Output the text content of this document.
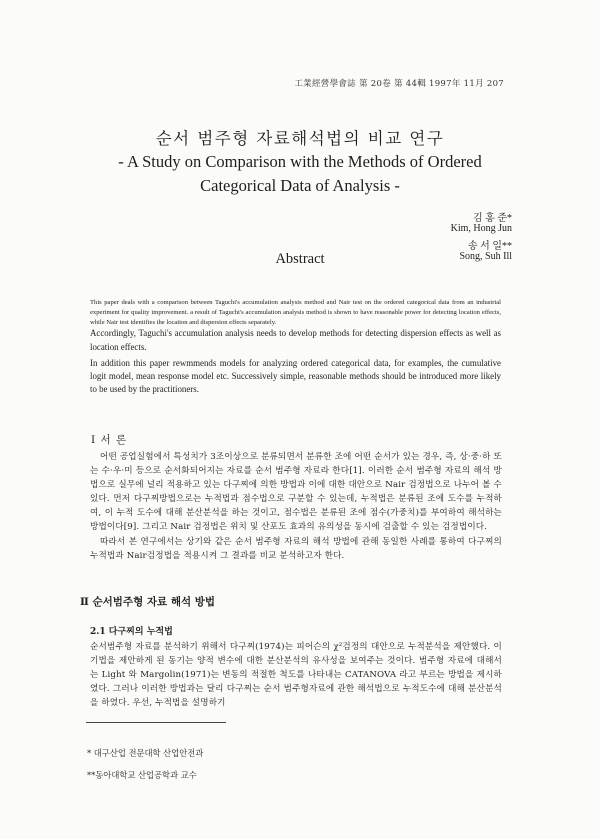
工業經營學會誌 第 20卷 第 44輯 1997年 11月 207
순서 범주형 자료해석법의 비교 연구
- A Study on Comparison with the Methods of Ordered
Categorical Data of Analysis -
김 홍 준*
Kim, Hong Jun
송 서 일**
Song, Suh Ill
Abstract

This paper deals with a comparison between Taguchi's accumulation analysis method and Nair test on the ordered categorical data from an industrial experiment for quality improvement. a result of Taguchi's accumulation analysis method is shown to have reasonable power for detecting location effects, while Nair test identifies the location and dispersion effects separately.

Accordingly, Taguchi's accumulation analysis needs to develop methods for detecting dispersion effects as well as location effects.

In addition this paper rewmmends models for analyzing ordered categorical data, for examples, the cumulative logit model, mean response model etc. Successively simple, reasonable methods should be introduced more likely to be used by the practitioners.

Ⅰ 서 론

어떤 공업실험에서 특성치가 3조이상으로 분류되면서 분류한 조에 어떤 순서가 있는 경우, 즉, 상·중·하 또는 수·우·미 등으로 순서화되어지는 자료를 순서 범주형 자료라 한다[1]. 이러한 순서 범주형 자료의 해석 방법으로 실무에 널리 적용하고 있는 다구찌에 의한 방법과 이에 대한 대안으로 Nair 검정법으로 나누어 볼 수 있다. 먼저 다구찌방법으로는 누적법과 점수법으로 구분할 수 있는데, 누적법은 분류된 조에 도수를 누적하여, 이 누적 도수에 대해 분산분석을 하는 것이고, 점수법은 분류된 조에 점수(가중치)를 부여하여 해석하는 방법이다[9]. 그리고 Nair 검정법은 위치 및 산포도 효과의 유의성을 동시에 검출할 수 있는 검정법이다.

따라서 본 연구에서는 상기와 같은 순서 범주형 자료의 해석 방법에 관해 동일한 사례를 통하여 다구찌의 누적법과 Nair검정법을 적용시켜 그 결과를 비교 분석하고자 한다.

Ⅱ 순서범주형 자료 해석 방법
2.1 다구찌의 누적법

순서범주형 자료를 분석하기 위해서 다구찌(1974)는 피어슨의 χ²검정의 대안으로 누적분석을 제안했다. 이 기법을 제안하게 된 동기는 양적 변수에 대한 분산분석의 유사성을 보여주는 것이다. 범주형 자료에 대해서는 Light 와 Margolin(1971)는 변동의 적절한 척도를 나타내는 CATANOVA 라고 부르는 방법을 제시하였다. 그러나 이러한 방법과는 달리 다구찌는 순서 범주형자료에 관한 해석법으로 누적도수에 대해 분산분석을 하였다. 우선, 누적법을 설명하기

* 대구산업 전문대학 산업안전과
**동아대학교 산업공학과 교수
